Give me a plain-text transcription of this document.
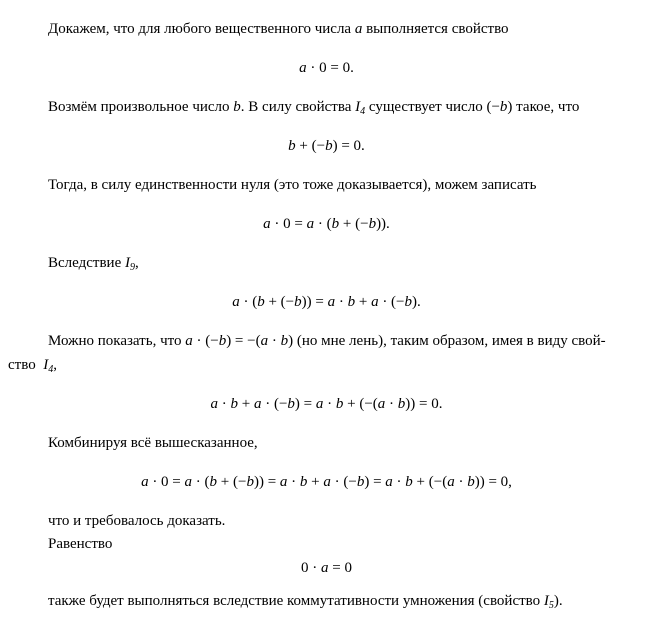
Докажем, что для любого вещественного числа a выполняется свойство
a · 0 = 0.
Возмём произвольное число b. В силу свойства $I_4$ существует число (−b) такое, что
b + (−b) = 0.
Тогда, в силу единственности нуля (это тоже доказывается), можем записать
a · 0 = a · (b + (−b)).
Вследствие $I_9$,
a · (b + (−b)) = a · b + a · (−b).
Можно показать, что a · (−b) = −(a · b) (но мне лень), таким образом, имея в виду свой-
ство $I_4$,
a · b + a · (−b) = a · b + (−(a · b)) = 0.
Комбинируя всё вышесказанное,
a · 0 = a · (b + (−b)) = a · b + a · (−b) = a · b + (−(a · b)) = 0,
что и требовалось доказать.
Равенство
0 · a = 0
также будет выполняться вследствие коммутативности умножения (свойство $I_5$).
